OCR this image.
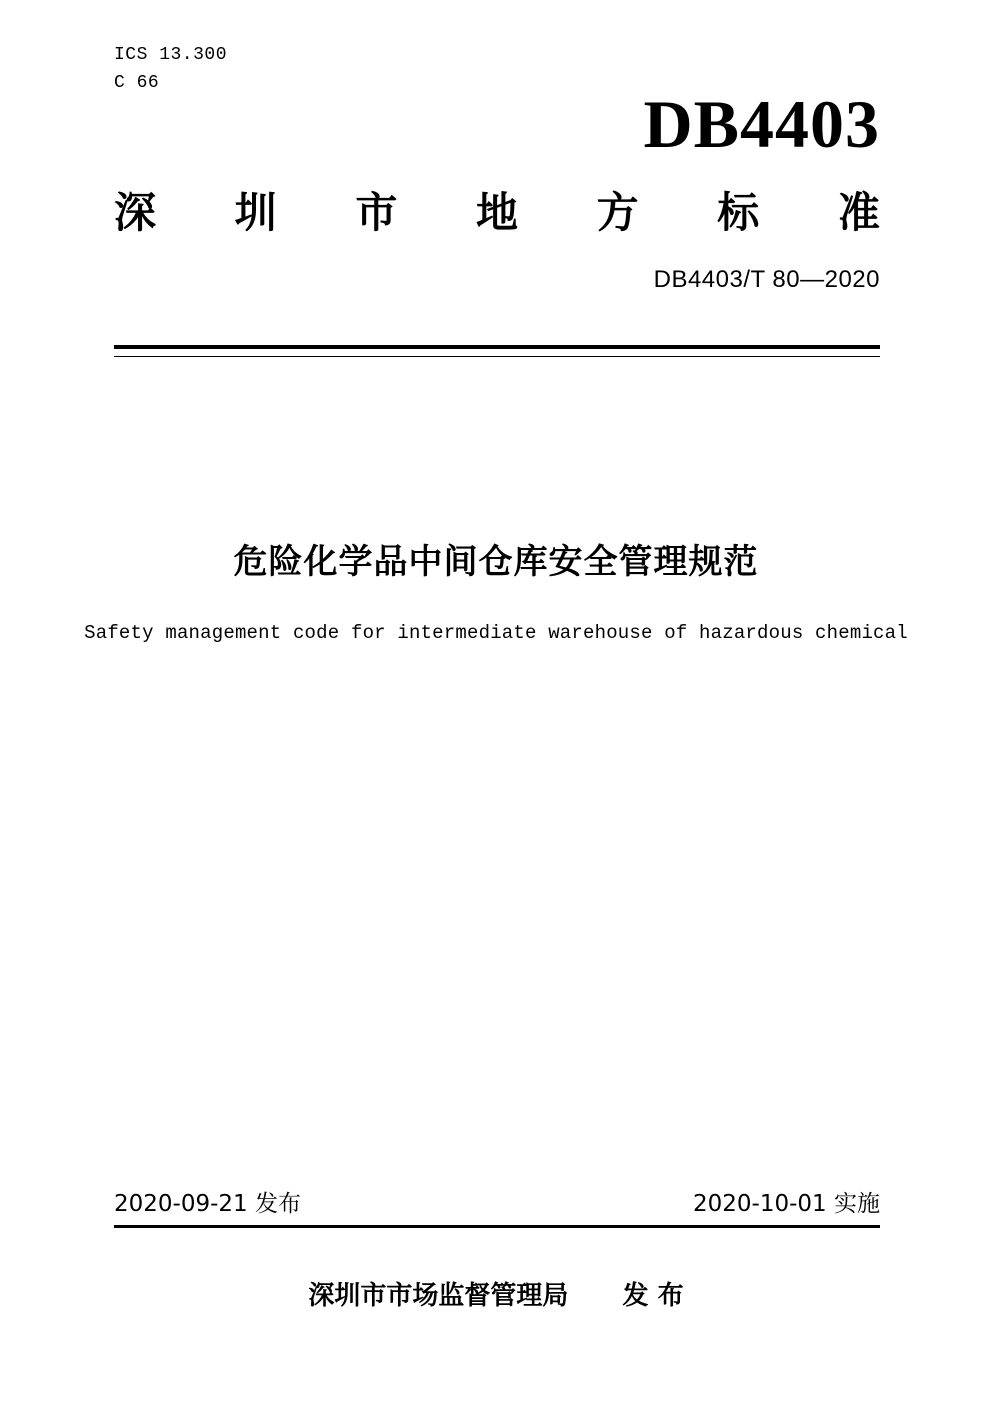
ICS 13.300
C 66
DB4403
深 圳 市 地 方 标 准
DB4403/T 80—2020
危险化学品中间仓库安全管理规范
Safety management code for intermediate warehouse of hazardous chemical
2020-09-21 发布	2020-10-01 实施
深圳市市场监督管理局 发 布
